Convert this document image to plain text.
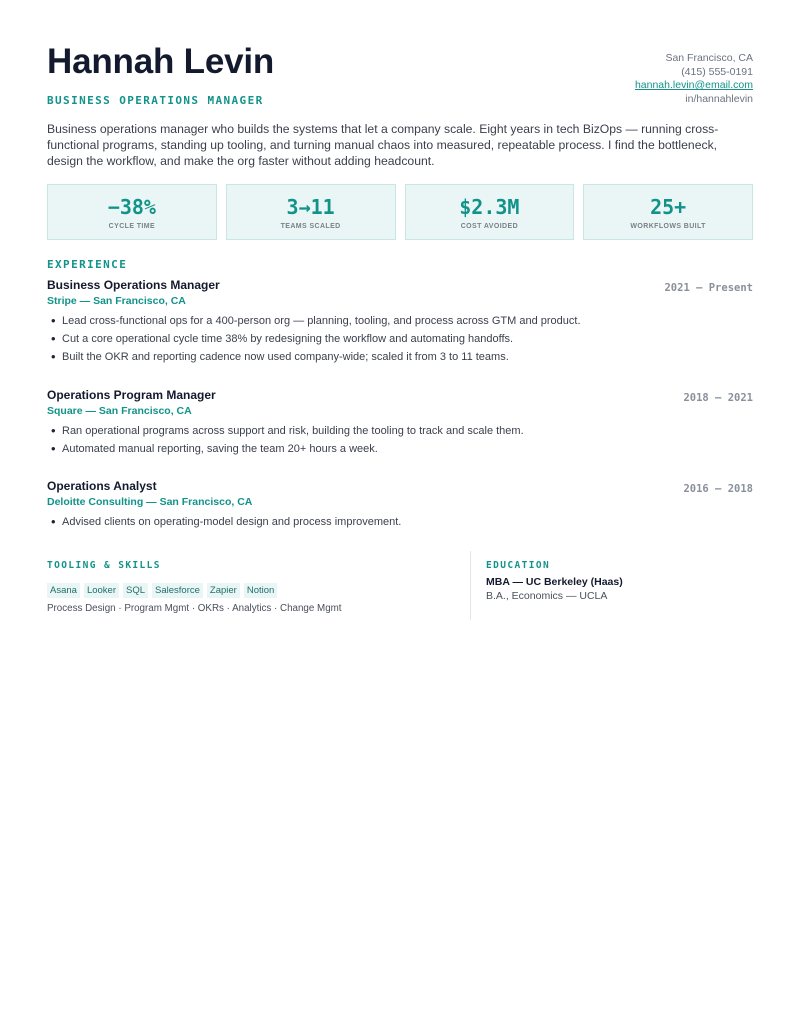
Hannah Levin
BUSINESS OPERATIONS MANAGER
San Francisco, CA
(415) 555-0191
hannah.levin@email.com
in/hannahlevin

Business operations manager who builds the systems that let a company scale. Eight years in tech BizOps — running cross-functional programs, standing up tooling, and turning manual chaos into measured, repeatable process. I find the bottleneck, design the workflow, and make the org faster without adding headcount.

−38%
CYCLE TIME
3→11
TEAMS SCALED
$2.3M
COST AVOIDED
25+
WORKFLOWS BUILT
EXPERIENCE
Business Operations Manager
Stripe — San Francisco, CA
2021 — Present
• Lead cross-functional ops for a 400-person org — planning, tooling, and process across GTM and product.
• Cut a core operational cycle time 38% by redesigning the workflow and automating handoffs.
• Built the OKR and reporting cadence now used company-wide; scaled it from 3 to 11 teams.
Operations Program Manager
Square — San Francisco, CA
2018 — 2021
• Ran operational programs across support and risk, building the tooling to track and scale them.
• Automated manual reporting, saving the team 20+ hours a week.
Operations Analyst
Deloitte Consulting — San Francisco, CA
2016 — 2018
• Advised clients on operating-model design and process improvement.
TOOLING & SKILLS
Asana	Looker	SQL	Salesforce	Zapier	Notion
Process Design · Program Mgmt · OKRs · Analytics · Change Mgmt
EDUCATION
MBA — UC Berkeley (Haas)
B.A., Economics — UCLA
